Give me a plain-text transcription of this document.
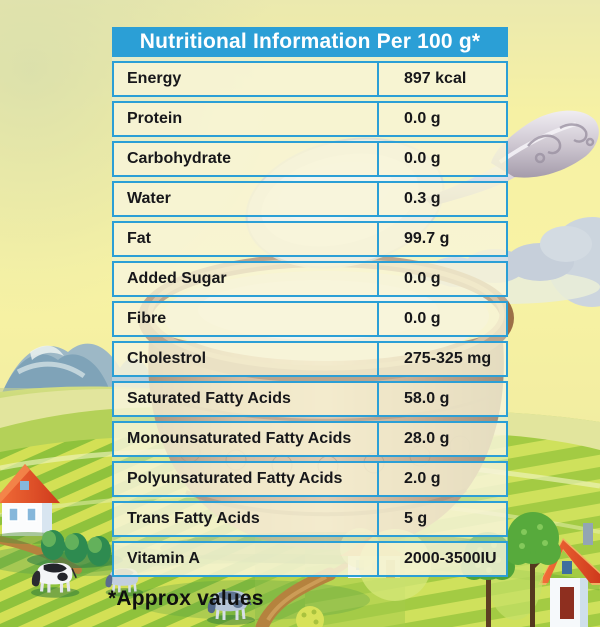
Nutritional Information Per 100 g*
Energy	897 kcal
Protein	0.0 g
Carbohydrate	0.0 g
Water	0.3 g
Fat	99.7 g
Added Sugar	0.0 g
Fibre	0.0 g
Cholestrol	275-325 mg
Saturated Fatty Acids	58.0 g
Monounsaturated Fatty Acids	28.0 g
Polyunsaturated Fatty Acids	2.0 g
Trans Fatty Acids	5 g
Vitamin A	2000-3500IU
*Approx values
